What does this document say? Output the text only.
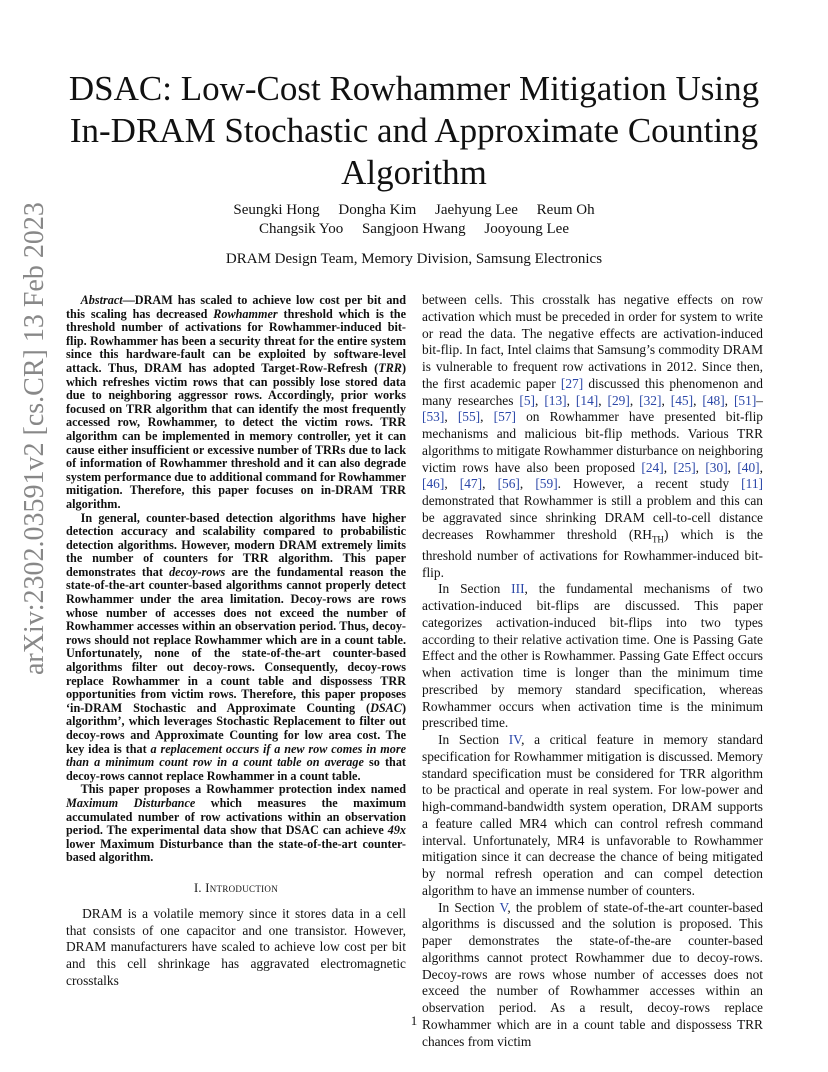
DSAC: Low-Cost Rowhammer Mitigation Using In-DRAM Stochastic and Approximate Counting Algorithm
Seungki Hong     Dongha Kim     Jaehyung Lee     Reum Oh
Changsik Yoo     Sangjoon Hwang     Jooyoung Lee
DRAM Design Team, Memory Division, Samsung Electronics
arXiv:2302.03591v2 [cs.CR] 13 Feb 2023	Abstract—DRAM has scaled to achieve low cost per bit and this scaling has decreased Rowhammer threshold which is the threshold number of activations for Rowhammer-induced bit-flip. Rowhammer has been a security threat for the entire system since this hardware-fault can be exploited by software-level attack. Thus, DRAM has adopted Target-Row-Refresh (TRR) which refreshes victim rows that can possibly lose stored data due to neighboring aggressor rows. Accordingly, prior works focused on TRR algorithm that can identify the most frequently accessed row, Rowhammer, to detect the victim rows. TRR algorithm can be implemented in memory controller, yet it can cause either insufficient or excessive number of TRRs due to lack of information of Rowhammer threshold and it can also degrade system performance due to additional command for Rowhammer mitigation. Therefore, this paper focuses on in-DRAM TRR algorithm.

In general, counter-based detection algorithms have higher detection accuracy and scalability compared to probabilistic detection algorithms. However, modern DRAM extremely limits the number of counters for TRR algorithm. This paper demonstrates that decoy-rows are the fundamental reason the state-of-the-art counter-based algorithms cannot properly detect Rowhammer under the area limitation. Decoy-rows are rows whose number of accesses does not exceed the number of Rowhammer accesses within an observation period. Thus, decoy-rows should not replace Rowhammer which are in a count table. Unfortunately, none of the state-of-the-art counter-based algorithms filter out decoy-rows. Consequently, decoy-rows replace Rowhammer in a count table and dispossess TRR opportunities from victim rows. Therefore, this paper proposes ‘in-DRAM Stochastic and Approximate Counting (DSAC) algorithm’, which leverages Stochastic Replacement to filter out decoy-rows and Approximate Counting for low area cost. The key idea is that a replacement occurs if a new row comes in more than a minimum count row in a count table on average so that decoy-rows cannot replace Rowhammer in a count table.

This paper proposes a Rowhammer protection index named Maximum Disturbance which measures the maximum accumulated number of row activations within an observation period. The experimental data show that DSAC can achieve 49x lower Maximum Disturbance than the state-of-the-art counter-based algorithm.

I. Introduction

DRAM is a volatile memory since it stores data in a cell that consists of one capacitor and one transistor. However, DRAM manufacturers have scaled to achieve low cost per bit and this cell shrinkage has aggravated electromagnetic crosstalks

between cells. This crosstalk has negative effects on row activation which must be preceded in order for system to write or read the data. The negative effects are activation-induced bit-flip. In fact, Intel claims that Samsung’s commodity DRAM is vulnerable to frequent row activations in 2012. Since then, the first academic paper [27] discussed this phenomenon and many researches [5], [13], [14], [29], [32], [45], [48], [51]–[53], [55], [57] on Rowhammer have presented bit-flip mechanisms and malicious bit-flip methods. Various TRR algorithms to mitigate Rowhammer disturbance on neighboring victim rows have also been proposed [24], [25], [30], [40], [46], [47], [56], [59]. However, a recent study [11] demonstrated that Rowhammer is still a problem and this can be aggravated since shrinking DRAM cell-to-cell distance decreases Rowhammer threshold $(RH_{TH})$ which is the threshold number of activations for Rowhammer-induced bit-flip.

In Section III, the fundamental mechanisms of two activation-induced bit-flips are discussed. This paper categorizes activation-induced bit-flips into two types according to their relative activation time. One is Passing Gate Effect and the other is Rowhammer. Passing Gate Effect occurs when activation time is longer than the minimum time prescribed by memory standard specification, whereas Rowhammer occurs when activation time is the minimum prescribed time.

In Section IV, a critical feature in memory standard specification for Rowhammer mitigation is discussed. Memory standard specification must be considered for TRR algorithm to be practical and operate in real system. For low-power and high-command-bandwidth system operation, DRAM supports a feature called MR4 which can control refresh command interval. Unfortunately, MR4 is unfavorable to Rowhammer mitigation since it can decrease the chance of being mitigated by normal refresh operation and can compel detection algorithm to have an immense number of counters.

In Section V, the problem of state-of-the-art counter-based algorithms is discussed and the solution is proposed. This paper demonstrates the state-of-the-are counter-based algorithms cannot protect Rowhammer due to decoy-rows. Decoy-rows are rows whose number of accesses does not exceed the number of Rowhammer accesses within an observation period. As a result, decoy-rows replace Rowhammer which are in a count table and dispossess TRR chances from victim

1
